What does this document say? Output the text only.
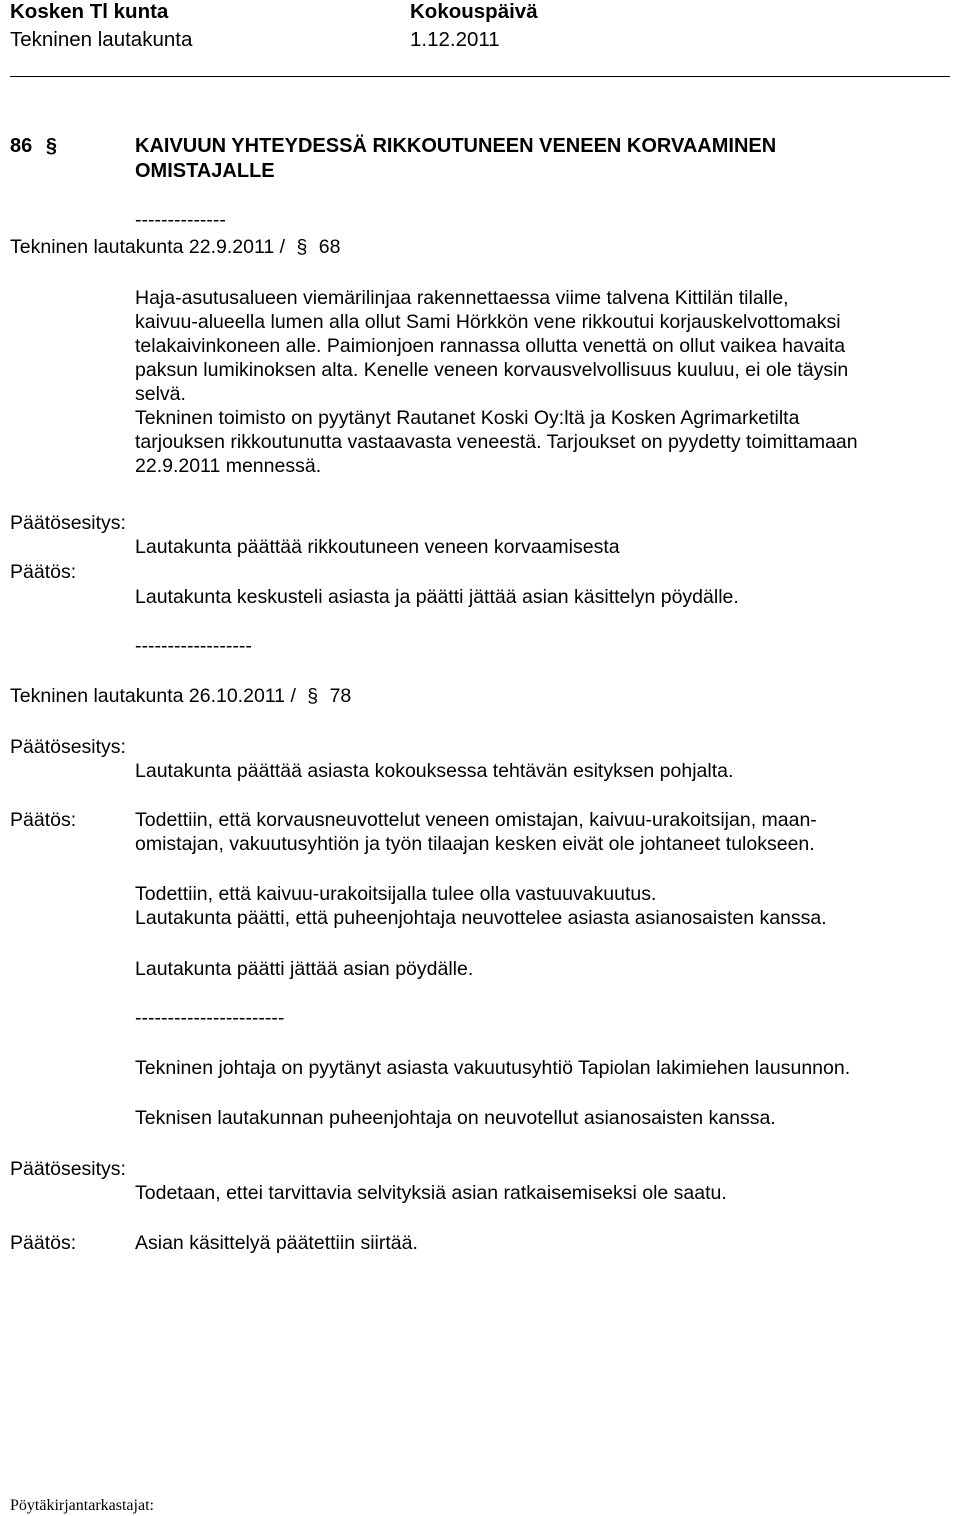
Kosken Tl kunta	Kokouspäivä
Tekninen lautakunta	1.12.2011
86 §	KAIVUUN YHTEYDESSÄ RIKKOUTUNEEN VENEEN KORVAAMINEN
OMISTAJALLE
--------------
Tekninen lautakunta 22.9.2011 / § 68
Haja-asutusalueen viemärilinjaa rakennettaessa viime talvena Kittilän tilalle,
kaivuu-alueella lumen alla ollut Sami Hörkkön vene rikkoutui korjauskelvottomaksi
telakaivinkoneen alle. Paimionjoen rannassa ollutta venettä on ollut vaikea havaita
paksun lumikinoksen alta. Kenelle veneen korvausvelvollisuus kuuluu, ei ole täysin
selvä.
Tekninen toimisto on pyytänyt Rautanet Koski Oy:ltä ja Kosken Agrimarketilta
tarjouksen rikkoutunutta vastaavasta veneestä. Tarjoukset on pyydetty toimittamaan
22.9.2011 mennessä.
Päätösesitys:
Lautakunta päättää rikkoutuneen veneen korvaamisesta
Päätös:
Lautakunta keskusteli asiasta ja päätti jättää asian käsittelyn pöydälle.
------------------
Tekninen lautakunta 26.10.2011 / § 78
Päätösesitys:
Lautakunta päättää asiasta kokouksessa tehtävän esityksen pohjalta.
Päätös:	Todettiin, että korvausneuvottelut veneen omistajan, kaivuu-urakoitsijan, maan-
omistajan, vakuutusyhtiön ja työn tilaajan kesken eivät ole johtaneet tulokseen.
Todettiin, että kaivuu-urakoitsijalla tulee olla vastuuvakuutus.
Lautakunta päätti, että puheenjohtaja neuvottelee asiasta asianosaisten kanssa.
Lautakunta päätti jättää asian pöydälle.
-----------------------
Tekninen johtaja on pyytänyt asiasta vakuutusyhtiö Tapiolan lakimiehen lausunnon.
Teknisen lautakunnan puheenjohtaja on neuvotellut asianosaisten kanssa.
Päätösesitys:
Todetaan, ettei tarvittavia selvityksiä asian ratkaisemiseksi ole saatu.
Päätös:	Asian käsittelyä päätettiin siirtää.
Pöytäkirjantarkastajat:
